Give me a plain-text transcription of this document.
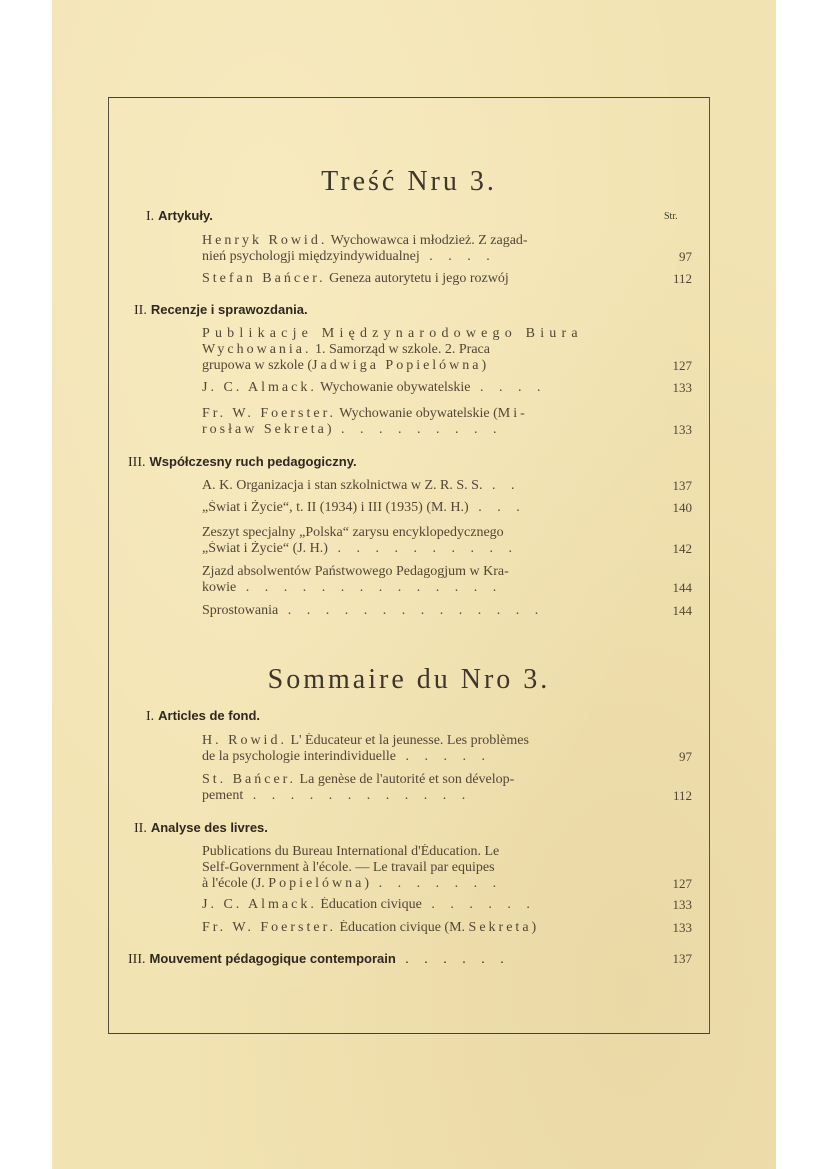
Treść Nru 3.
I. Artykuły.	Str.
Henryk Rowid. Wychowawca i młodzież. Z zagad-
nień psychologji międzyindywidualnej . . . .	97
Stefan Bańcer. Geneza autorytetu i jego rozwój	112
II. Recenzje i sprawozdania.
Publikacje Międzynarodowego Biura
Wychowania. 1. Samorząd w szkole. 2. Praca
grupowa w szkole (Jadwiga Popielówna)	127
J. C. Almack. Wychowanie obywatelskie . . . .	133
Fr. W. Foerster. Wychowanie obywatelskie (Mi-
rosław Sekreta) . . . . . . . . .	133
III. Współczesny ruch pedagogiczny.
A. K. Organizacja i stan szkolnictwa w Z. R. S. S. . .	137
„Świat i Życie“, t. II (1934) i III (1935) (M. H.) . . .	140
Zeszyt specjalny „Polska“ zarysu encyklopedycznego
„Świat i Życie“ (J. H.) . . . . . . . . . .	142
Zjazd absolwentów Państwowego Pedagogjum w Kra-
kowie . . . . . . . . . . . . . .	144
Sprostowania . . . . . . . . . . . . . .	144
Sommaire du Nro 3.
I. Articles de fond.
H. Rowid. L' Éducateur et la jeunesse. Les problèmes
de la psychologie interindividuelle . . . . .	97
St. Bańcer. La genèse de l'autorité et son dévelop-
pement . . . . . . . . . . . .	112
II. Analyse des livres.
Publications du Bureau International d'Éducation. Le
Self-Government à l'école. — Le travail par equipes
à l'école (J. Popielówna) . . . . . . .	127
J. C. Almack. Éducation civique . . . . . .	133
Fr. W. Foerster. Éducation civique (M. Sekreta)	133
III. Mouvement pédagogique contemporain . . . . . .	137
